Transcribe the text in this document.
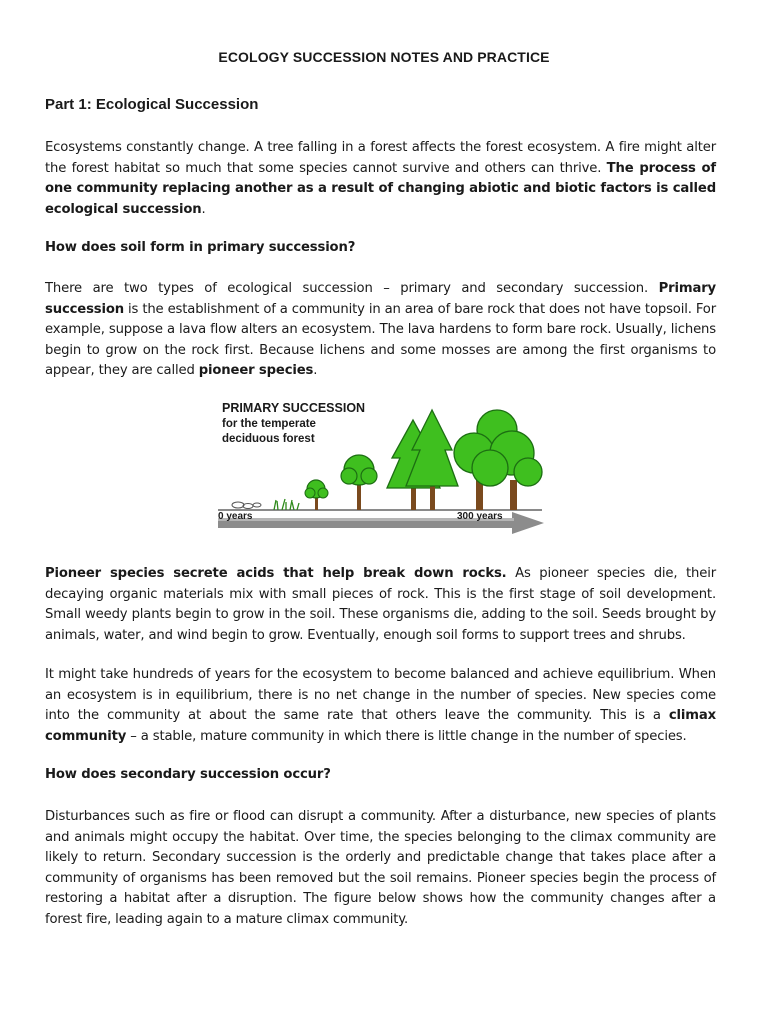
ECOLOGY SUCCESSION NOTES AND PRACTICE
Part 1: Ecological Succession
Ecosystems constantly change. A tree falling in a forest affects the forest ecosystem. A fire might alter the forest habitat so much that some species cannot survive and others can thrive. The process of one community replacing another as a result of changing abiotic and biotic factors is called ecological succession.
How does soil form in primary succession?
There are two types of ecological succession – primary and secondary succession. Primary succession is the establishment of a community in an area of bare rock that does not have topsoil. For example, suppose a lava flow alters an ecosystem. The lava hardens to form bare rock. Usually, lichens begin to grow on the rock first. Because lichens and some mosses are among the first organisms to appear, they are called pioneer species.
PRIMARY SUCCESSION
for the temperate
deciduous forest
0 years	300 years
Pioneer species secrete acids that help break down rocks. As pioneer species die, their decaying organic materials mix with small pieces of rock. This is the first stage of soil development. Small weedy plants begin to grow in the soil. These organisms die, adding to the soil. Seeds brought by animals, water, and wind begin to grow. Eventually, enough soil forms to support trees and shrubs.
It might take hundreds of years for the ecosystem to become balanced and achieve equilibrium. When an ecosystem is in equilibrium, there is no net change in the number of species. New species come into the community at about the same rate that others leave the community. This is a climax community – a stable, mature community in which there is little change in the number of species.
How does secondary succession occur?
Disturbances such as fire or flood can disrupt a community. After a disturbance, new species of plants and animals might occupy the habitat. Over time, the species belonging to the climax community are likely to return. Secondary succession is the orderly and predictable change that takes place after a community of organisms has been removed but the soil remains. Pioneer species begin the process of restoring a habitat after a disruption. The figure below shows how the community changes after a forest fire, leading again to a mature climax community.
